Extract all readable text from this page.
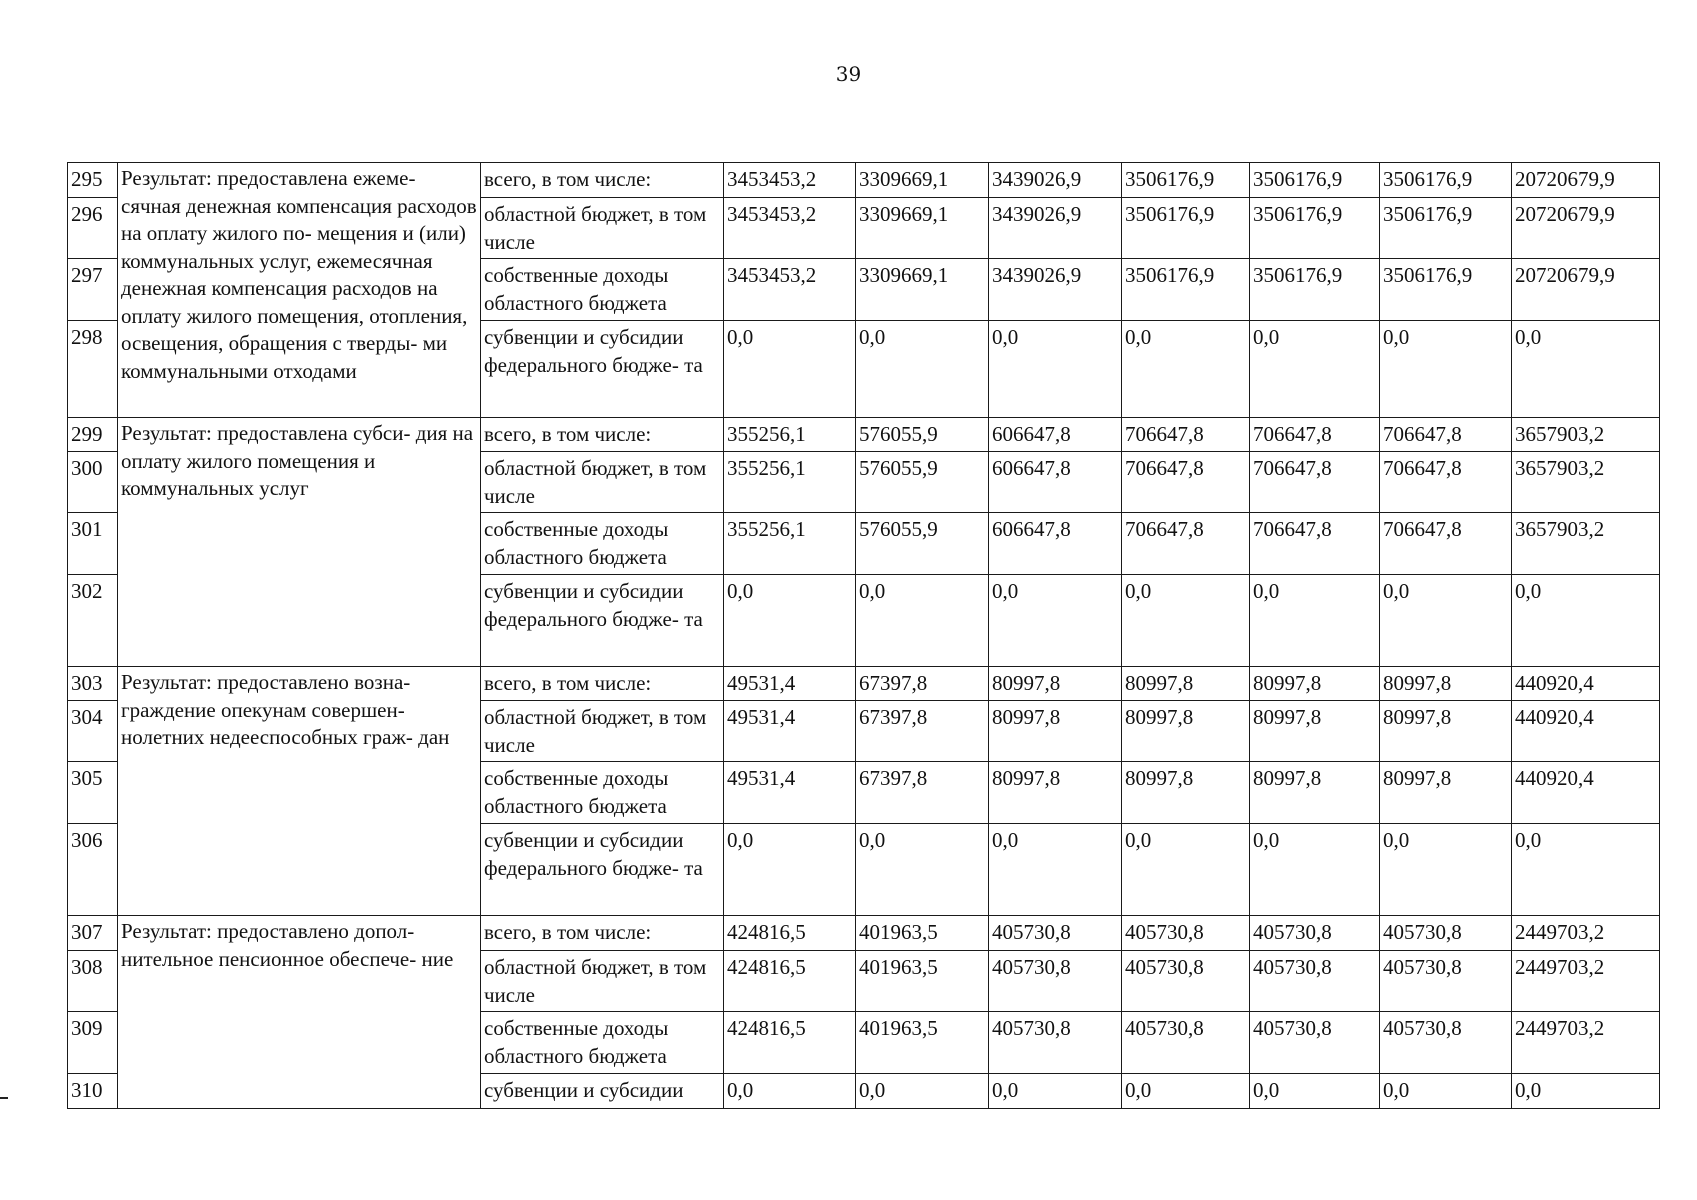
39
295	Результат: предоставлена ежеме- сячная денежная компенсация расходов на оплату жилого по- мещения и (или) коммунальных услуг, ежемесячная денежная компенсация расходов на оплату жилого помещения, отопления, освещения, обращения с тверды- ми коммунальными отходами	всего, в том числе:	3453453,2	3309669,1	3439026,9	3506176,9	3506176,9	3506176,9	20720679,9
296		областной бюджет, в том числе	3453453,2	3309669,1	3439026,9	3506176,9	3506176,9	3506176,9	20720679,9
297		собственные доходы областного бюджета	3453453,2	3309669,1	3439026,9	3506176,9	3506176,9	3506176,9	20720679,9
298		субвенции и субсидии федерального бюдже- та	0,0	0,0	0,0	0,0	0,0	0,0	0,0
299	Результат: предоставлена субси- дия на оплату жилого помещения и коммунальных услуг	всего, в том числе:	355256,1	576055,9	606647,8	706647,8	706647,8	706647,8	3657903,2
300		областной бюджет, в том числе	355256,1	576055,9	606647,8	706647,8	706647,8	706647,8	3657903,2
301		собственные доходы областного бюджета	355256,1	576055,9	606647,8	706647,8	706647,8	706647,8	3657903,2
302		субвенции и субсидии федерального бюдже- та	0,0	0,0	0,0	0,0	0,0	0,0	0,0
303	Результат: предоставлено возна- граждение опекунам совершен- нолетних недееспособных граж- дан	всего, в том числе:	49531,4	67397,8	80997,8	80997,8	80997,8	80997,8	440920,4
304		областной бюджет, в том числе	49531,4	67397,8	80997,8	80997,8	80997,8	80997,8	440920,4
305		собственные доходы областного бюджета	49531,4	67397,8	80997,8	80997,8	80997,8	80997,8	440920,4
306		субвенции и субсидии федерального бюдже- та	0,0	0,0	0,0	0,0	0,0	0,0	0,0
307	Результат: предоставлено допол- нительное пенсионное обеспече- ние	всего, в том числе:	424816,5	401963,5	405730,8	405730,8	405730,8	405730,8	2449703,2
308		областной бюджет, в том числе	424816,5	401963,5	405730,8	405730,8	405730,8	405730,8	2449703,2
309		собственные доходы областного бюджета	424816,5	401963,5	405730,8	405730,8	405730,8	405730,8	2449703,2
310		субвенции и субсидии	0,0	0,0	0,0	0,0	0,0	0,0	0,0
